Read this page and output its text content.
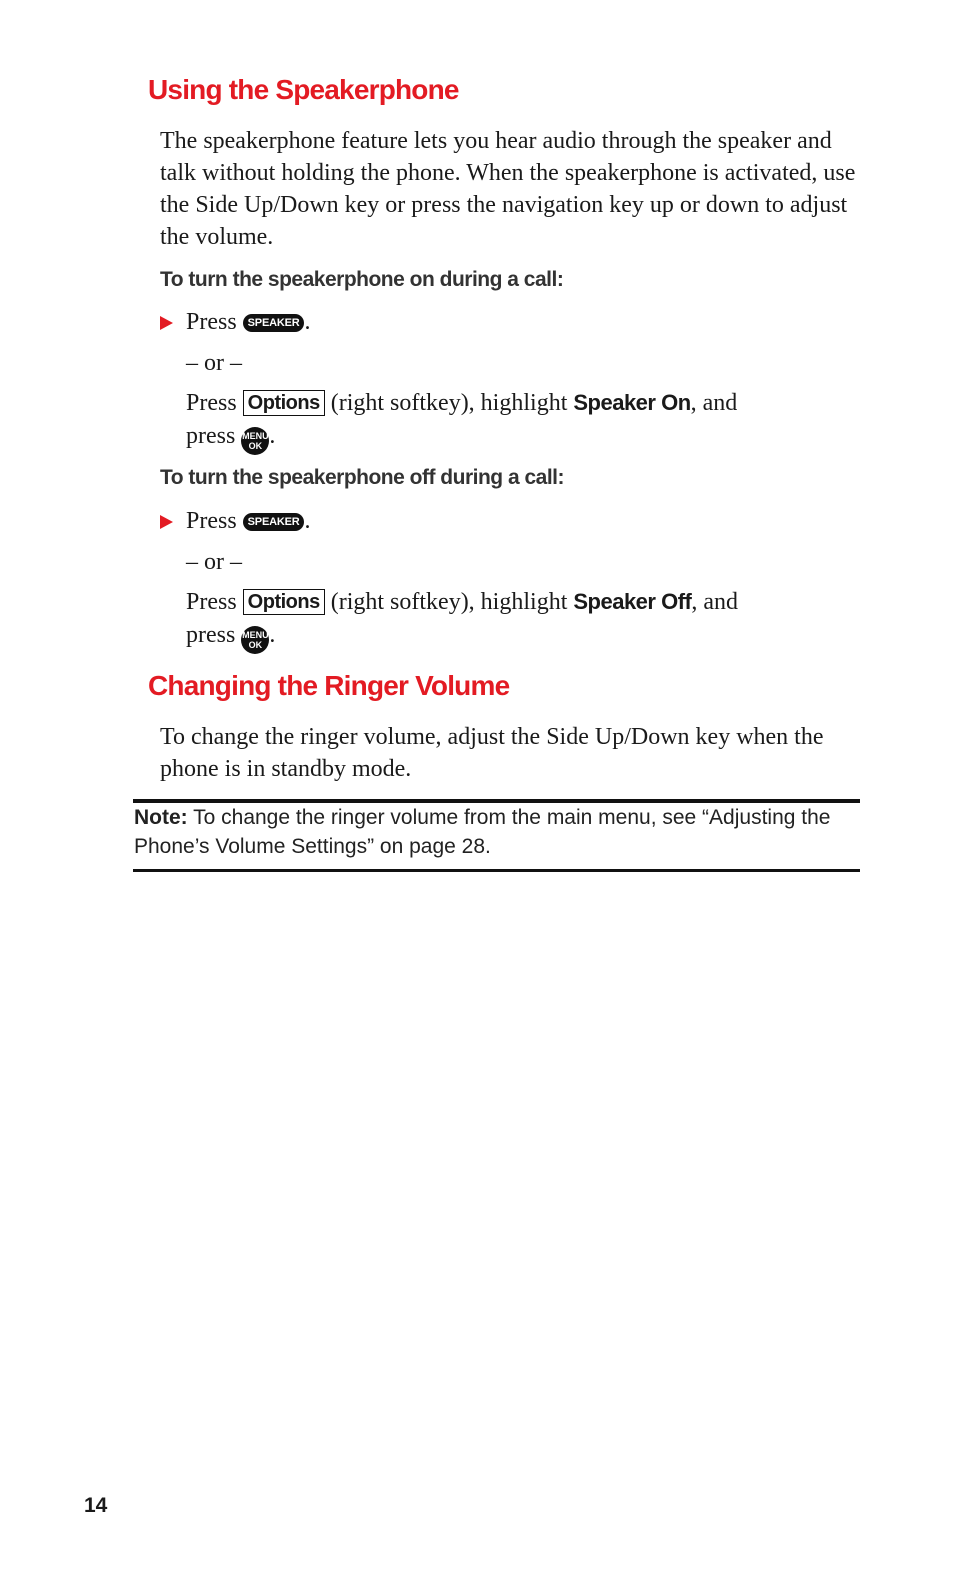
Using the Speakerphone

The speakerphone feature lets you hear audio through the speaker and talk without holding the phone. When the speakerphone is activated, use the Side Up/Down key or press the navigation key up or down to adjust the volume.

To turn the speakerphone on during a call:

Press SPEAKER .

– or –

Press Options (right softkey), highlight Speaker On, and

press MENU
OK .

To turn the speakerphone off during a call:

Press SPEAKER .

– or –

Press Options (right softkey), highlight Speaker Off, and

press MENU
OK .

Changing the Ringer Volume

To change the ringer volume, adjust the Side Up/Down key when the phone is in standby mode.

Note: To change the ringer volume from the main menu, see “Adjusting the Phone’s Volume Settings” on page 28.

14
